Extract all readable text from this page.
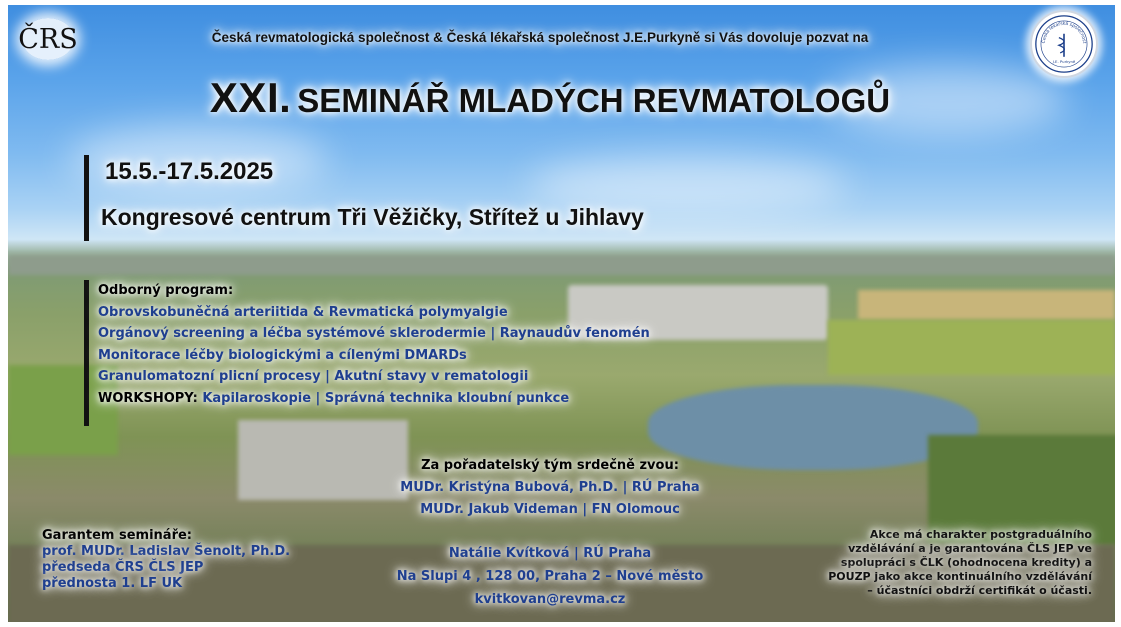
ČRS	Česká lékařská společnost
J.E. Purkyně
Česká revmatologická společnost & Česká lékařská společnost J.E.Purkyně si Vás dovoluje pozvat na
XXI. SEMINÁŘ MLADÝCH REVMATOLOGŮ
15.5.-17.5.2025
Kongresové centrum Tři Věžičky, Střítež u Jihlavy
Odborný program:
Obrovskobuněčná arteriitida & Revmatická polymyalgie
Orgánový screening a léčba systémové sklerodermie | Raynaudův fenomén
Monitorace léčby biologickými a cílenými DMARDs
Granulomatozní plicní procesy | Akutní stavy v rematologii
WORKSHOPY: Kapilaroskopie | Správná technika kloubní punkce
Za pořadatelský tým srdečně zvou:
MUDr. Kristýna Bubová, Ph.D. | RÚ Praha
MUDr. Jakub Videman | FN Olomouc
Garantem semináře:
prof. MUDr. Ladislav Šenolt, Ph.D.
předseda ČRS ČLS JEP
přednosta 1. LF UK
Natálie Kvítková | RÚ Praha
Na Slupi 4 , 128 00, Praha 2 – Nové město
kvitkovan@revma.cz
Akce má charakter postgraduálního
vzdělávání a je garantována ČLS JEP ve
spolupráci s ČLK (ohodnocena kredity) a
POUZP jako akce kontinuálního vzdělávání
– účastníci obdrží certifikát o účasti.
